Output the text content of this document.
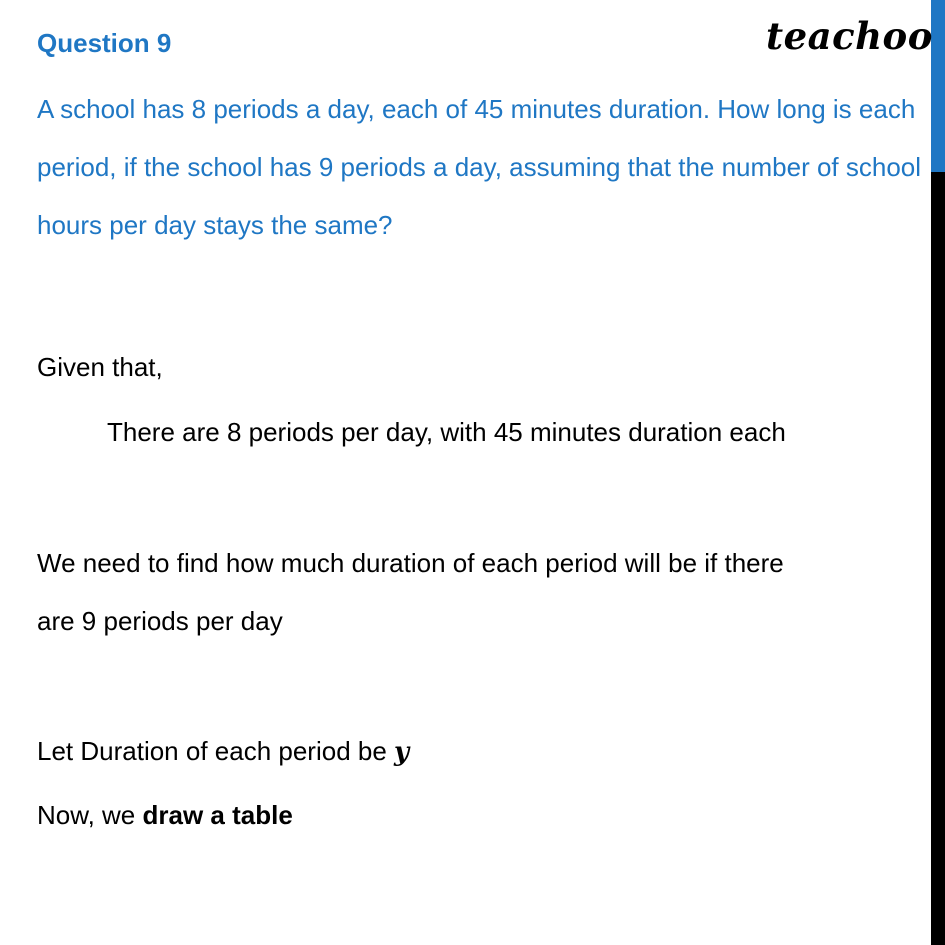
teachoo
Question 9
A school has 8 periods a day, each of 45 minutes duration. How long is each period, if the school has 9 periods a day, assuming that the number of school hours per day stays the same?
Given that,
There are 8 periods per day, with 45 minutes duration each
We need to find how much duration of each period will be if there
are 9 periods per day
Let Duration of each period be y
Now, we draw a table
